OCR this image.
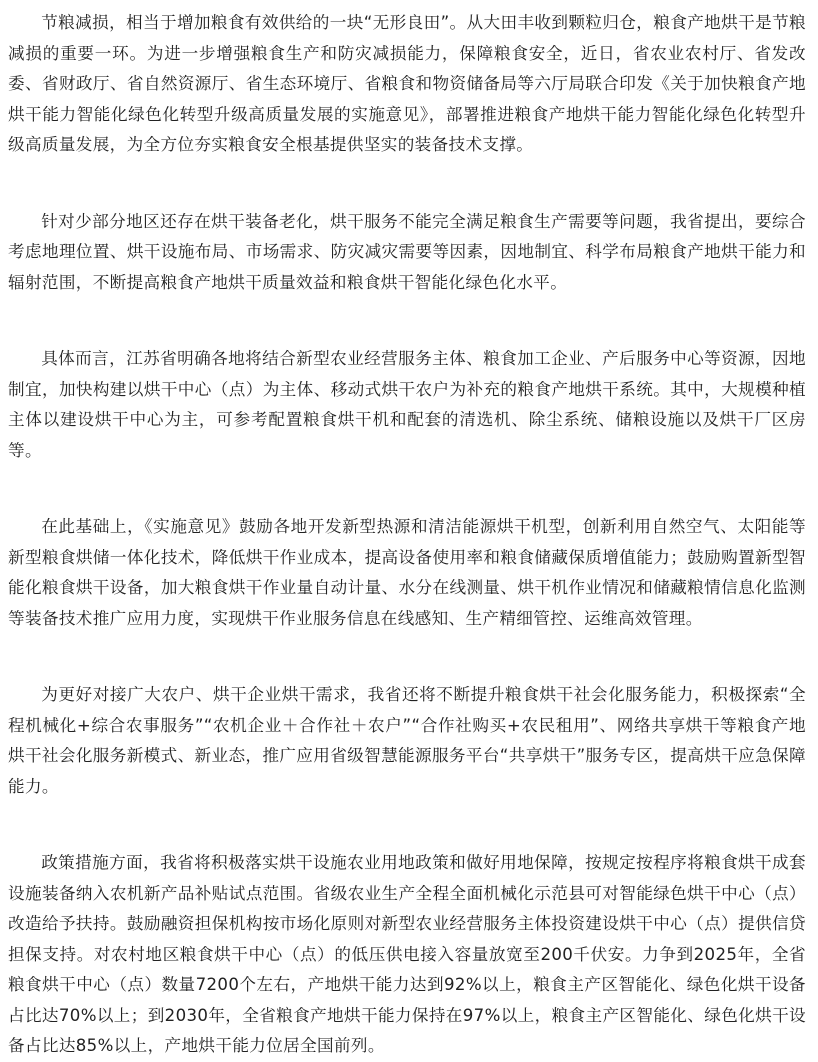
节粮减损，相当于增加粮食有效供给的一块“无形良田”。从大田丰收到颗粒归仓，粮食产地烘干是节粮减损的重要一环。为进一步增强粮食生产和防灾减损能力，保障粮食安全，近日，省农业农村厅、省发改委、省财政厅、省自然资源厅、省生态环境厅、省粮食和物资储备局等六厅局联合印发《关于加快粮食产地烘干能力智能化绿色化转型升级高质量发展的实施意见》，部署推进粮食产地烘干能力智能化绿色化转型升级高质量发展，为全方位夯实粮食安全根基提供坚实的装备技术支撑。

针对少部分地区还存在烘干装备老化，烘干服务不能完全满足粮食生产需要等问题，我省提出，要综合考虑地理位置、烘干设施布局、市场需求、防灾减灾需要等因素，因地制宜、科学布局粮食产地烘干能力和辐射范围，不断提高粮食产地烘干质量效益和粮食烘干智能化绿色化水平。

具体而言，江苏省明确各地将结合新型农业经营服务主体、粮食加工企业、产后服务中心等资源，因地制宜，加快构建以烘干中心（点）为主体、移动式烘干农户为补充的粮食产地烘干系统。其中，大规模种植主体以建设烘干中心为主，可参考配置粮食烘干机和配套的清选机、除尘系统、储粮设施以及烘干厂区房等。

在此基础上，《实施意见》鼓励各地开发新型热源和清洁能源烘干机型，创新利用自然空气、太阳能等新型粮食烘储一体化技术，降低烘干作业成本，提高设备使用率和粮食储藏保质增值能力；鼓励购置新型智能化粮食烘干设备，加大粮食烘干作业量自动计量、水分在线测量、烘干机作业情况和储藏粮情信息化监测等装备技术推广应用力度，实现烘干作业服务信息在线感知、生产精细管控、运维高效管理。

为更好对接广大农户、烘干企业烘干需求，我省还将不断提升粮食烘干社会化服务能力，积极探索“全程机械化+综合农事服务”“农机企业＋合作社＋农户”“合作社购买+农民租用”、网络共享烘干等粮食产地烘干社会化服务新模式、新业态，推广应用省级智慧能源服务平台“共享烘干”服务专区，提高烘干应急保障能力。

政策措施方面，我省将积极落实烘干设施农业用地政策和做好用地保障，按规定按程序将粮食烘干成套设施装备纳入农机新产品补贴试点范围。省级农业生产全程全面机械化示范县可对智能绿色烘干中心（点）改造给予扶持。鼓励融资担保机构按市场化原则对新型农业经营服务主体投资建设烘干中心（点）提供信贷担保支持。对农村地区粮食烘干中心（点）的低压供电接入容量放宽至200千伏安。力争到2025年，全省粮食烘干中心（点）数量7200个左右，产地烘干能力达到92%以上，粮食主产区智能化、绿色化烘干设备占比达70%以上；到2030年，全省粮食产地烘干能力保持在97%以上，粮食主产区智能化、绿色化烘干设备占比达85%以上，产地烘干能力位居全国前列。
